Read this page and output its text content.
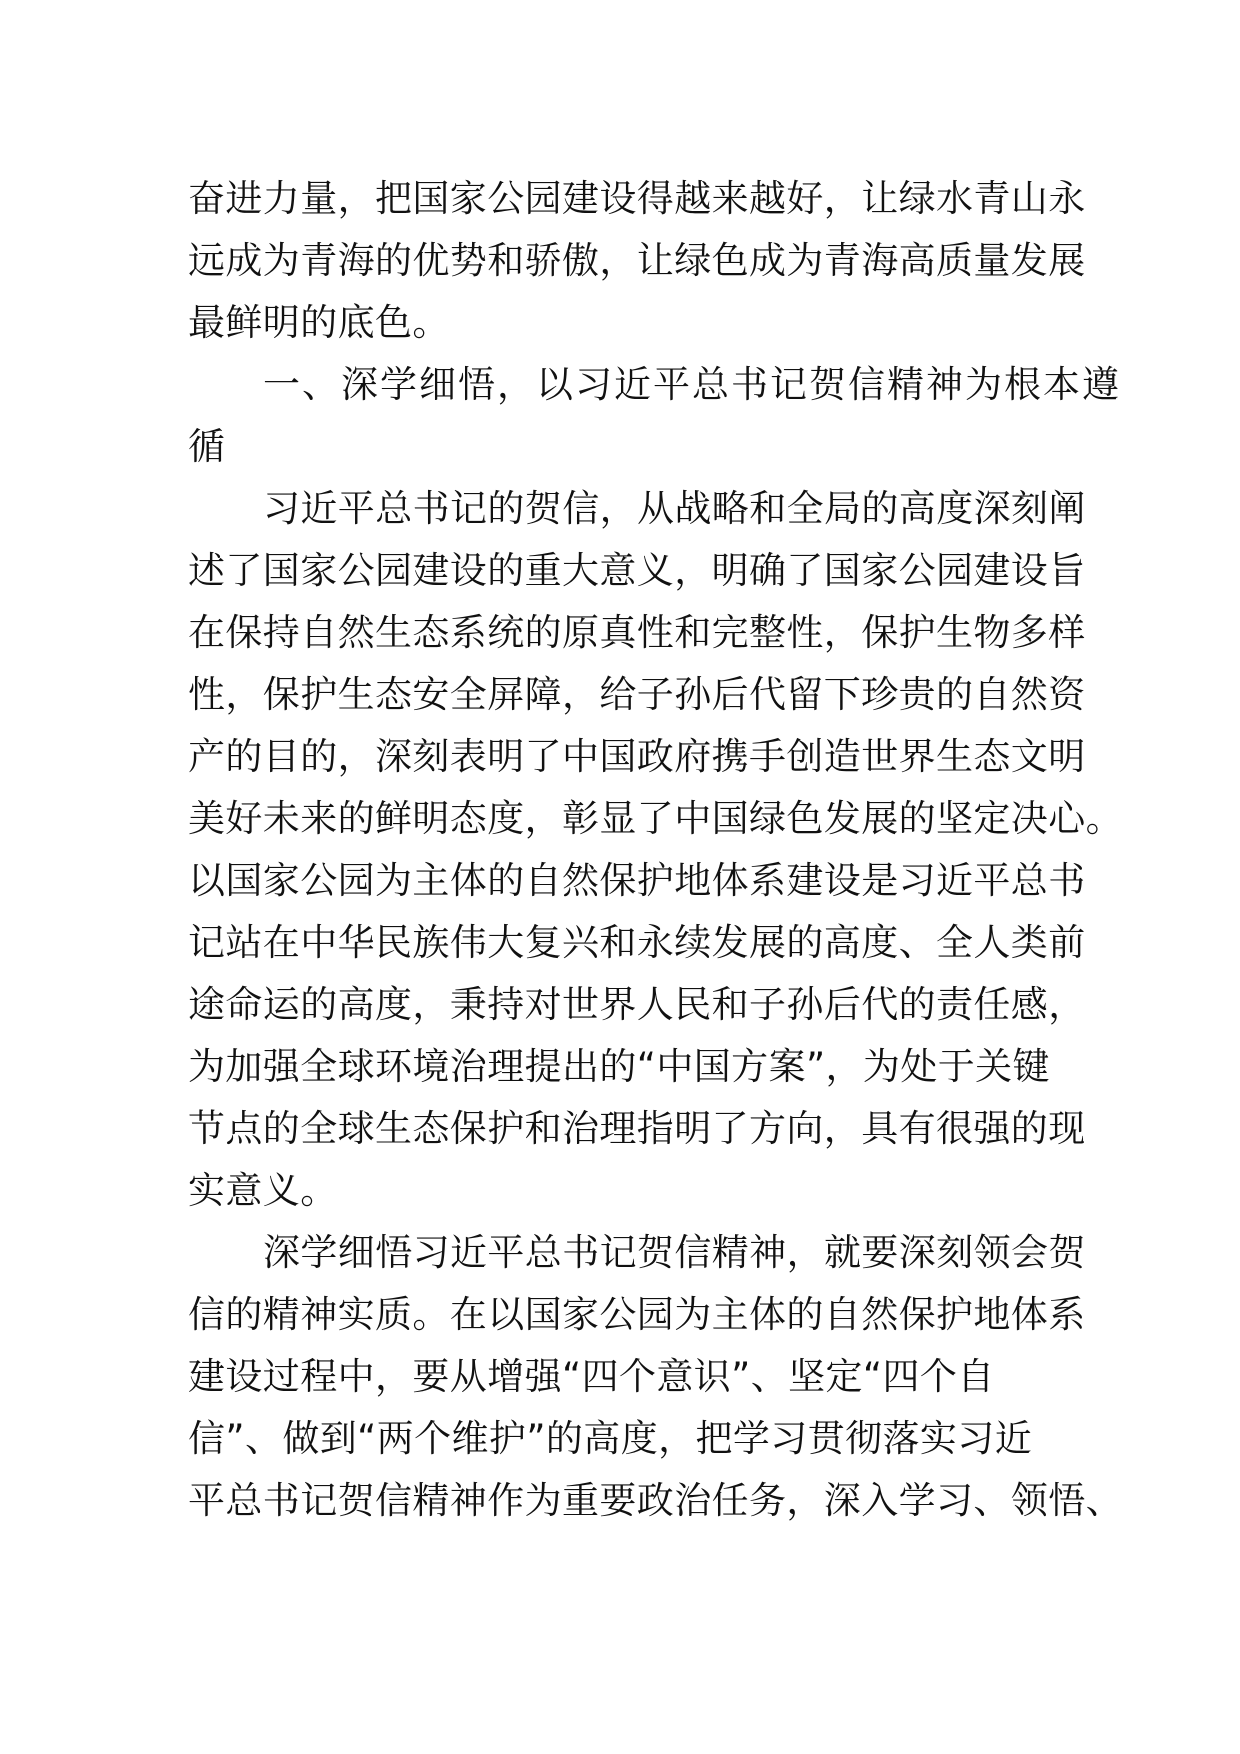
奋进力量，把国家公园建设得越来越好，让绿水青山永
远成为青海的优势和骄傲，让绿色成为青海高质量发展
最鲜明的底色。
一、深学细悟，以习近平总书记贺信精神为根本遵
循
习近平总书记的贺信，从战略和全局的高度深刻阐
述了国家公园建设的重大意义，明确了国家公园建设旨
在保持自然生态系统的原真性和完整性，保护生物多样
性，保护生态安全屏障，给子孙后代留下珍贵的自然资
产的目的，深刻表明了中国政府携手创造世界生态文明
美好未来的鲜明态度，彰显了中国绿色发展的坚定决心。
以国家公园为主体的自然保护地体系建设是习近平总书
记站在中华民族伟大复兴和永续发展的高度、全人类前
途命运的高度，秉持对世界人民和子孙后代的责任感，
为加强全球环境治理提出的“中国方案”，为处于关键
节点的全球生态保护和治理指明了方向，具有很强的现
实意义。
深学细悟习近平总书记贺信精神，就要深刻领会贺
信的精神实质。在以国家公园为主体的自然保护地体系
建设过程中，要从增强“四个意识”、坚定“四个自
信”、做到“两个维护”的高度，把学习贯彻落实习近
平总书记贺信精神作为重要政治任务，深入学习、领悟、
